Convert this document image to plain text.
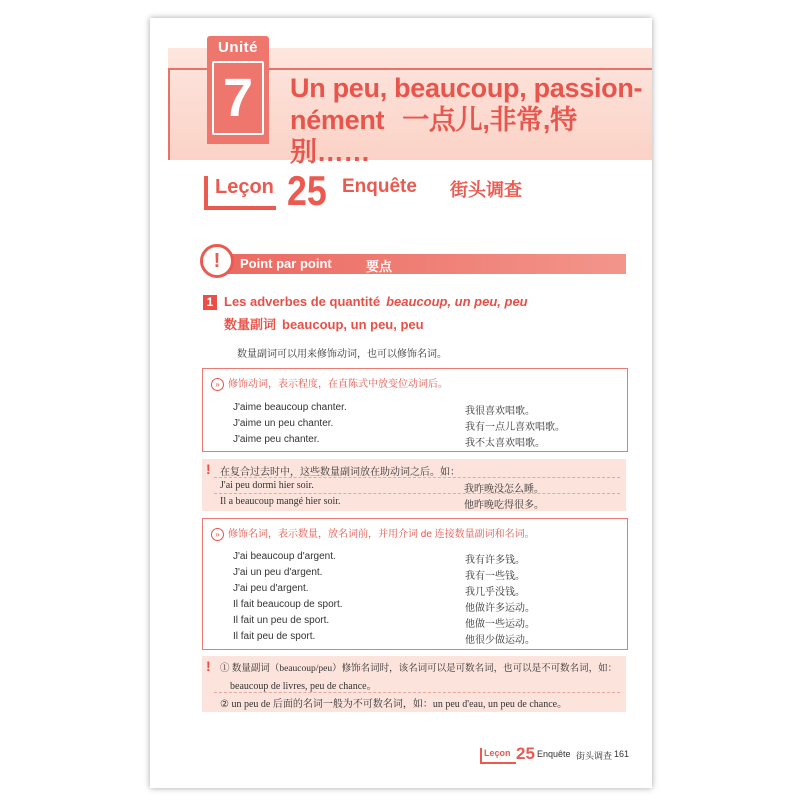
Unité
7	Un peu, beaucoup, passion-
nément 一点儿,非常,特别……
Leçon 25 Enquête 街头调查
!	Point par point	要点
1 Les adverbes de quantité beaucoup, un peu, peu
数量副词 beaucoup, un peu, peu
数量副词可以用来修饰动词，也可以修饰名词。
» 修饰动词，表示程度，在直陈式中放变位动词后。
J'aime beaucoup chanter.	我很喜欢唱歌。
J'aime un peu chanter.	我有一点儿喜欢唱歌。
J'aime peu chanter.	我不太喜欢唱歌。
! 在复合过去时中，这些数量副词放在助动词之后。如：
J'ai peu dormi hier soir.	我昨晚没怎么睡。
Il a beaucoup mangé hier soir.	他昨晚吃得很多。
» 修饰名词，表示数量，放名词前，并用介词 de 连接数量副词和名词。
J'ai beaucoup d'argent.	我有许多钱。
J'ai un peu d'argent.	我有一些钱。
J'ai peu d'argent.	我几乎没钱。
Il fait beaucoup de sport.	他做许多运动。
Il fait un peu de sport.	他做一些运动。
Il fait peu de sport.	他很少做运动。
! ① 数量副词（beaucoup/peu）修饰名词时，该名词可以是可数名词，也可以是不可数名词，如：
beaucoup de livres, peu de chance。
② un peu de 后面的名词一般为不可数名词，如：un peu d'eau, un peu de chance。
Leçon 25 Enquête 街头调查 161
